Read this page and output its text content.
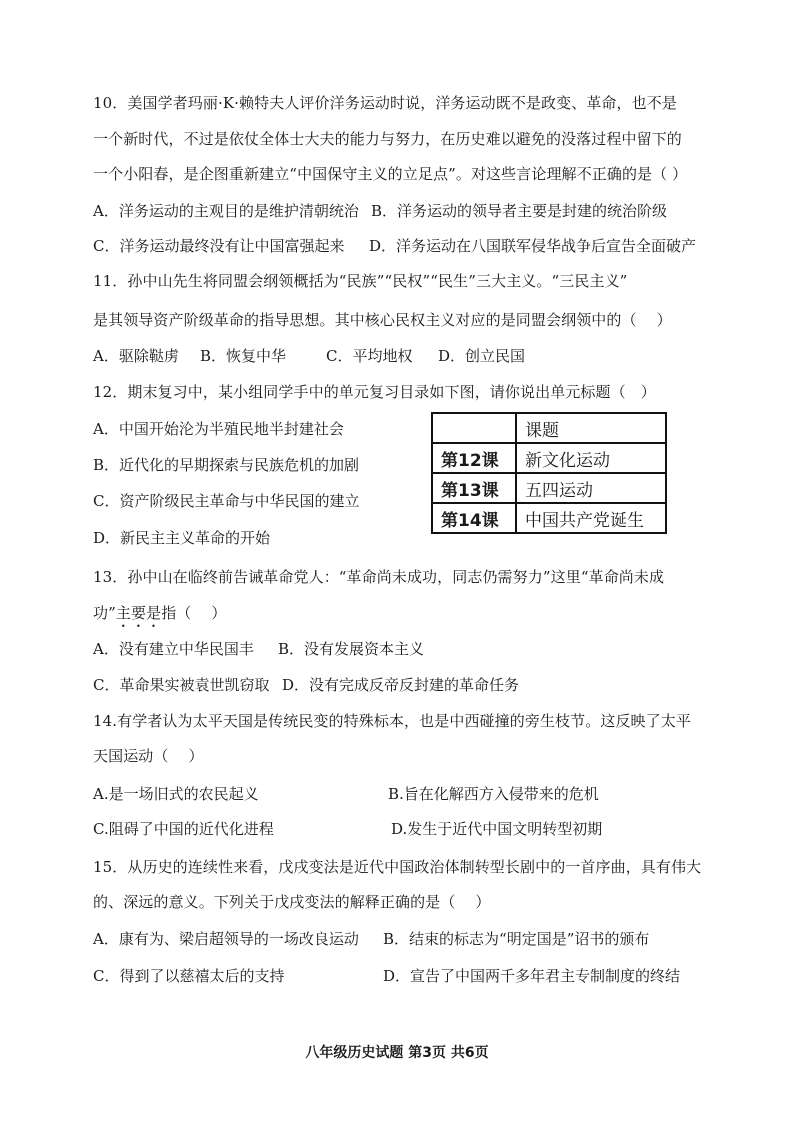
10．美国学者玛丽·K·赖特夫人评价洋务运动时说，洋务运动既不是政变、革命，也不是
一个新时代，不过是依仗全体士大夫的能力与努力，在历史难以避免的没落过程中留下的
一个小阳春，是企图重新建立“中国保守主义的立足点”。对这些言论理解不正确的是（ ）
A．洋务运动的主观目的是维护清朝统治 B．洋务运动的领导者主要是封建的统治阶级
C．洋务运动最终没有让中国富强起来 D．洋务运动在八国联军侵华战争后宣告全面破产
11．孙中山先生将同盟会纲领概括为“民族”“民权”“民生”三大主义。“三民主义”
是其领导资产阶级革命的指导思想。其中核心民权主义对应的是同盟会纲领中的（　 ）
A．驱除鞑虏 B．恢复中华	C．平均地权 D．创立民国
12．期末复习中，某小组同学手中的单元复习目录如下图，请你说出单元标题（　）
A．中国开始沦为半殖民地半封建社会
B．近代化的早期探索与民族危机的加剧
C．资产阶级民主革命与中华民国的建立
D．新民主主义革命的开始
	课题
第12课	新文化运动
第13课	五四运动
第14课	中国共产党诞生
13．孙中山在临终前告诫革命党人：“革命尚未成功，同志仍需努力”这里“革命尚未成
功”主要是指（　 ）
A．没有建立中华民国丰 B．没有发展资本主义
C．革命果实被袁世凯窃取 D．没有完成反帝反封建的革命任务
14.有学者认为太平天国是传统民变的特殊标本，也是中西碰撞的旁生枝节。这反映了太平
天国运动（　 ）
A.是一场旧式的农民起义	B.旨在化解西方入侵带来的危机
C.阻碍了中国的近代化进程	D.发生于近代中国文明转型初期
15．从历史的连续性来看，戊戌变法是近代中国政治体制转型长剧中的一首序曲，具有伟大
的、深远的意义。下列关于戊戌变法的解释正确的是（　 ）
A．康有为、梁启超领导的一场改良运动 B．结束的标志为“明定国是”诏书的颁布
C．得到了以慈禧太后的支持	D．宣告了中国两千多年君主专制制度的终结
八年级历史试题 第3页 共6页
